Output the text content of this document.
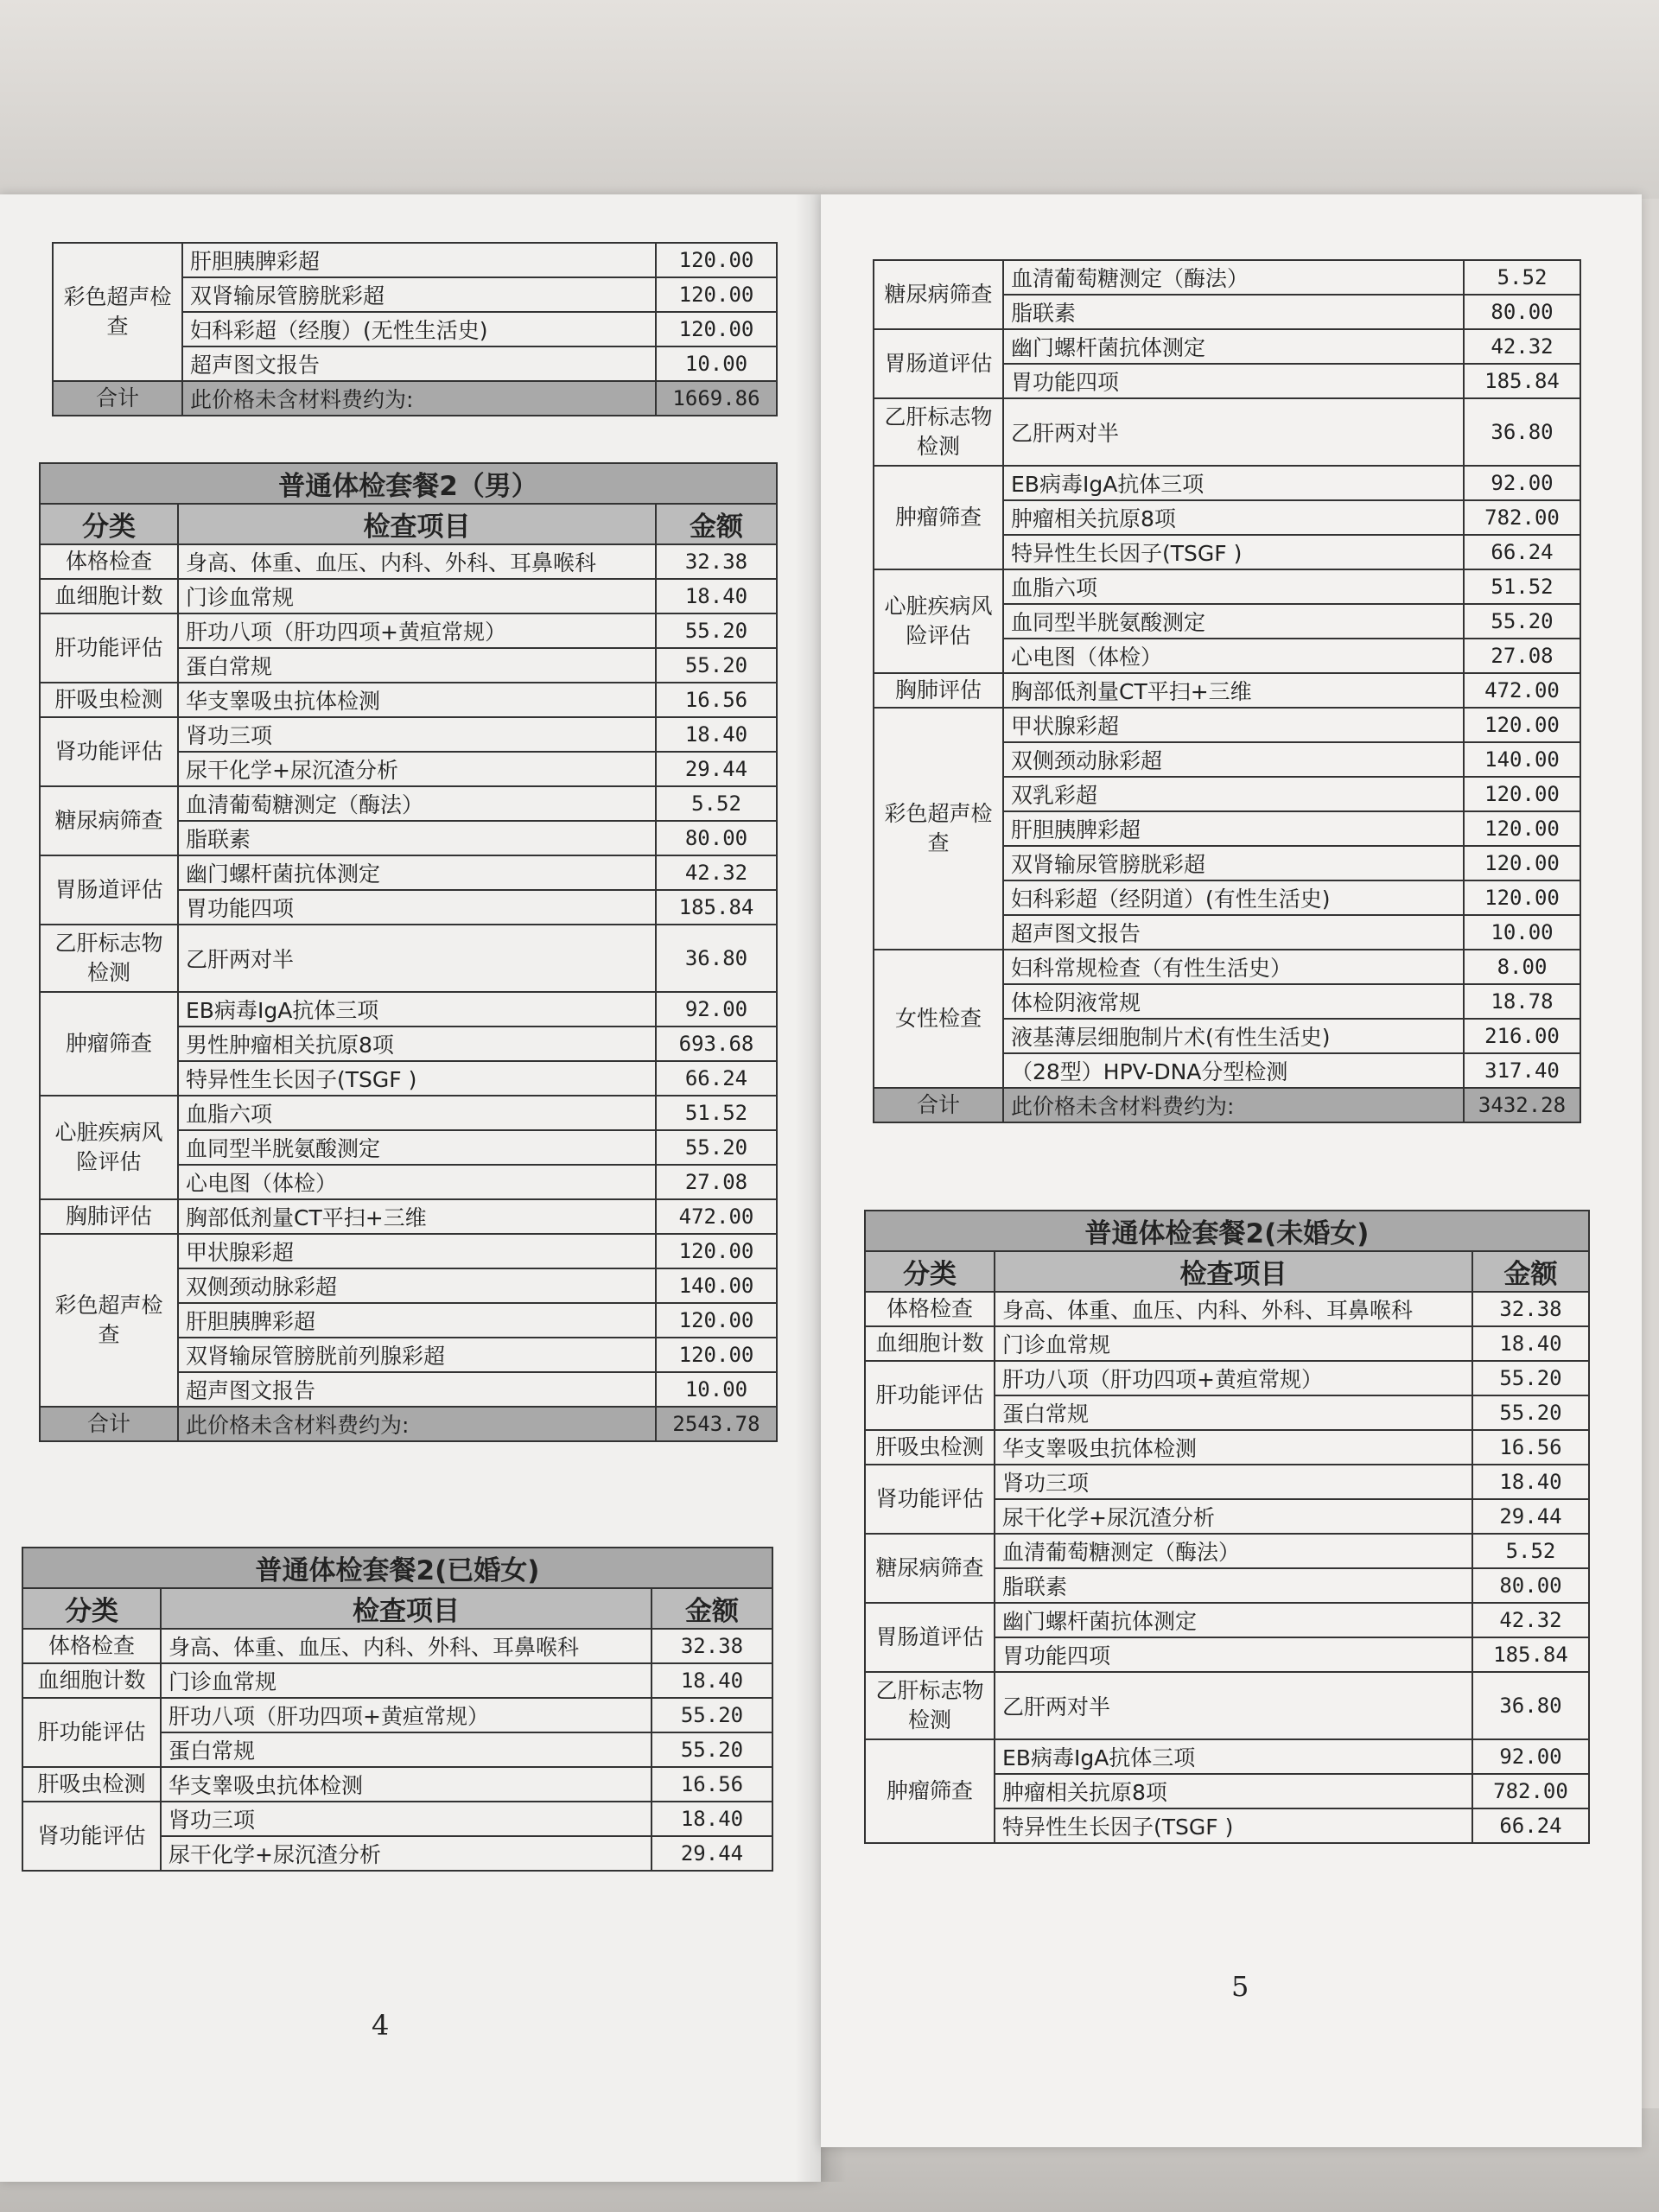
彩色超声检查	肝胆胰脾彩超	120.00
	双肾输尿管膀胱彩超	120.00
	妇科彩超（经腹）(无性生活史)	120.00
	超声图文报告	10.00
合计	此价格未含材料费约为:	1669.86
普通体检套餐2（男）		
分类	检查项目	金额
体格检查	身高、体重、血压、内科、外科、耳鼻喉科	32.38
血细胞计数	门诊血常规	18.40
肝功能评估	肝功八项（肝功四项+黄疸常规）	55.20
	蛋白常规	55.20
肝吸虫检测	华支睾吸虫抗体检测	16.56
肾功能评估	肾功三项	18.40
	尿干化学+尿沉渣分析	29.44
糖尿病筛查	血清葡萄糖测定（酶法）	5.52
	脂联素	80.00
胃肠道评估	幽门螺杆菌抗体测定	42.32
	胃功能四项	185.84
乙肝标志物检测	乙肝两对半	36.80
肿瘤筛查	EB病毒IgA抗体三项	92.00
	男性肿瘤相关抗原8项	693.68
	特异性生长因子(TSGF )	66.24
心脏疾病风险评估	血脂六项	51.52
	血同型半胱氨酸测定	55.20
	心电图（体检）	27.08
胸肺评估	胸部低剂量CT平扫+三维	472.00
彩色超声检查	甲状腺彩超	120.00
	双侧颈动脉彩超	140.00
	肝胆胰脾彩超	120.00
	双肾输尿管膀胱前列腺彩超	120.00
	超声图文报告	10.00
合计	此价格未含材料费约为:	2543.78
普通体检套餐2(已婚女)		
分类	检查项目	金额
体格检查	身高、体重、血压、内科、外科、耳鼻喉科	32.38
血细胞计数	门诊血常规	18.40
肝功能评估	肝功八项（肝功四项+黄疸常规）	55.20
	蛋白常规	55.20
肝吸虫检测	华支睾吸虫抗体检测	16.56
肾功能评估	肾功三项	18.40
	尿干化学+尿沉渣分析	29.44
4
糖尿病筛查	血清葡萄糖测定（酶法）	5.52
	脂联素	80.00
胃肠道评估	幽门螺杆菌抗体测定	42.32
	胃功能四项	185.84
乙肝标志物检测	乙肝两对半	36.80
肿瘤筛查	EB病毒IgA抗体三项	92.00
	肿瘤相关抗原8项	782.00
	特异性生长因子(TSGF )	66.24
心脏疾病风险评估	血脂六项	51.52
	血同型半胱氨酸测定	55.20
	心电图（体检）	27.08
胸肺评估	胸部低剂量CT平扫+三维	472.00
彩色超声检查	甲状腺彩超	120.00
	双侧颈动脉彩超	140.00
	双乳彩超	120.00
	肝胆胰脾彩超	120.00
	双肾输尿管膀胱彩超	120.00
	妇科彩超（经阴道）(有性生活史)	120.00
	超声图文报告	10.00
女性检查	妇科常规检查（有性生活史）	8.00
	体检阴液常规	18.78
	液基薄层细胞制片术(有性生活史)	216.00
	（28型）HPV-DNA分型检测	317.40
合计	此价格未含材料费约为:	3432.28
普通体检套餐2(未婚女)		
分类	检查项目	金额
体格检查	身高、体重、血压、内科、外科、耳鼻喉科	32.38
血细胞计数	门诊血常规	18.40
肝功能评估	肝功八项（肝功四项+黄疸常规）	55.20
	蛋白常规	55.20
肝吸虫检测	华支睾吸虫抗体检测	16.56
肾功能评估	肾功三项	18.40
	尿干化学+尿沉渣分析	29.44
糖尿病筛查	血清葡萄糖测定（酶法）	5.52
	脂联素	80.00
胃肠道评估	幽门螺杆菌抗体测定	42.32
	胃功能四项	185.84
乙肝标志物检测	乙肝两对半	36.80
肿瘤筛查	EB病毒IgA抗体三项	92.00
	肿瘤相关抗原8项	782.00
	特异性生长因子(TSGF )	66.24
5
